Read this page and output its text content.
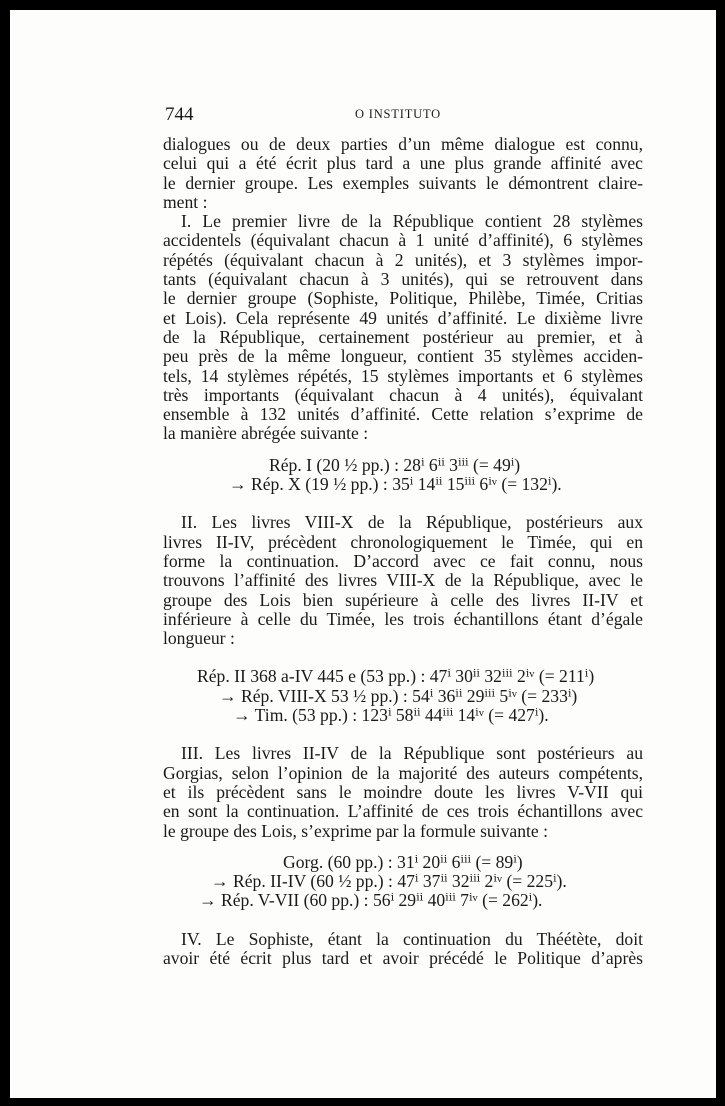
744	O INSTITUTO
dialogues ou de deux parties d’un même dialogue est connu,
celui qui a été écrit plus tard a une plus grande affinité avec
le dernier groupe. Les exemples suivants le démontrent claire-
ment :
I. Le premier livre de la République contient 28 stylèmes
accidentels (équivalant chacun à 1 unité d’affinité), 6 stylèmes
répétés (équivalant chacun à 2 unités), et 3 stylèmes impor-
tants (équivalant chacun à 3 unités), qui se retrouvent dans
le dernier groupe (Sophiste, Politique, Philèbe, Timée, Critias
et Lois). Cela représente 49 unités d’affinité. Le dixième livre
de la République, certainement postérieur au premier, et à
peu près de la même longueur, contient 35 stylèmes acciden-
tels, 14 stylèmes répétés, 15 stylèmes importants et 6 stylèmes
très importants (équivalant chacun à 4 unités), équivalant
ensemble à 132 unités d’affinité. Cette relation s’exprime de
la manière abrégée suivante :
Rép. I (20 ½ pp.) : 28ⁱ 6ⁱⁱ 3ⁱⁱⁱ (= 49ⁱ)
→ Rép. X (19 ½ pp.) : 35ⁱ 14ⁱⁱ 15ⁱⁱⁱ 6ⁱᵛ (= 132ⁱ).
II. Les livres VIII-X de la République, postérieurs aux
livres II-IV, précèdent chronologiquement le Timée, qui en
forme la continuation. D’accord avec ce fait connu, nous
trouvons l’affinité des livres VIII-X de la République, avec le
groupe des Lois bien supérieure à celle des livres II-IV et
inférieure à celle du Timée, les trois échantillons étant d’égale
longueur :
Rép. II 368 a-IV 445 e (53 pp.) : 47ⁱ 30ⁱⁱ 32ⁱⁱⁱ 2ⁱᵛ (= 211ⁱ)
→ Rép. VIII-X 53 ½ pp.) : 54ⁱ 36ⁱⁱ 29ⁱⁱⁱ 5ⁱᵛ (= 233ⁱ)
→ Tim. (53 pp.) : 123ⁱ 58ⁱⁱ 44ⁱⁱⁱ 14ⁱᵛ (= 427ⁱ).
III. Les livres II-IV de la République sont postérieurs au
Gorgias, selon l’opinion de la majorité des auteurs compétents,
et ils précèdent sans le moindre doute les livres V-VII qui
en sont la continuation. L’affinité de ces trois échantillons avec
le groupe des Lois, s’exprime par la formule suivante :
Gorg. (60 pp.) : 31ⁱ 20ⁱⁱ 6ⁱⁱⁱ (= 89ⁱ)
→ Rép. II-IV (60 ½ pp.) : 47ⁱ 37ⁱⁱ 32ⁱⁱⁱ 2ⁱᵛ (= 225ⁱ).
→ Rép. V-VII (60 pp.) : 56ⁱ 29ⁱⁱ 40ⁱⁱⁱ 7ⁱᵛ (= 262ⁱ).
IV. Le Sophiste, étant la continuation du Théétète, doit
avoir été écrit plus tard et avoir précédé le Politique d’après
